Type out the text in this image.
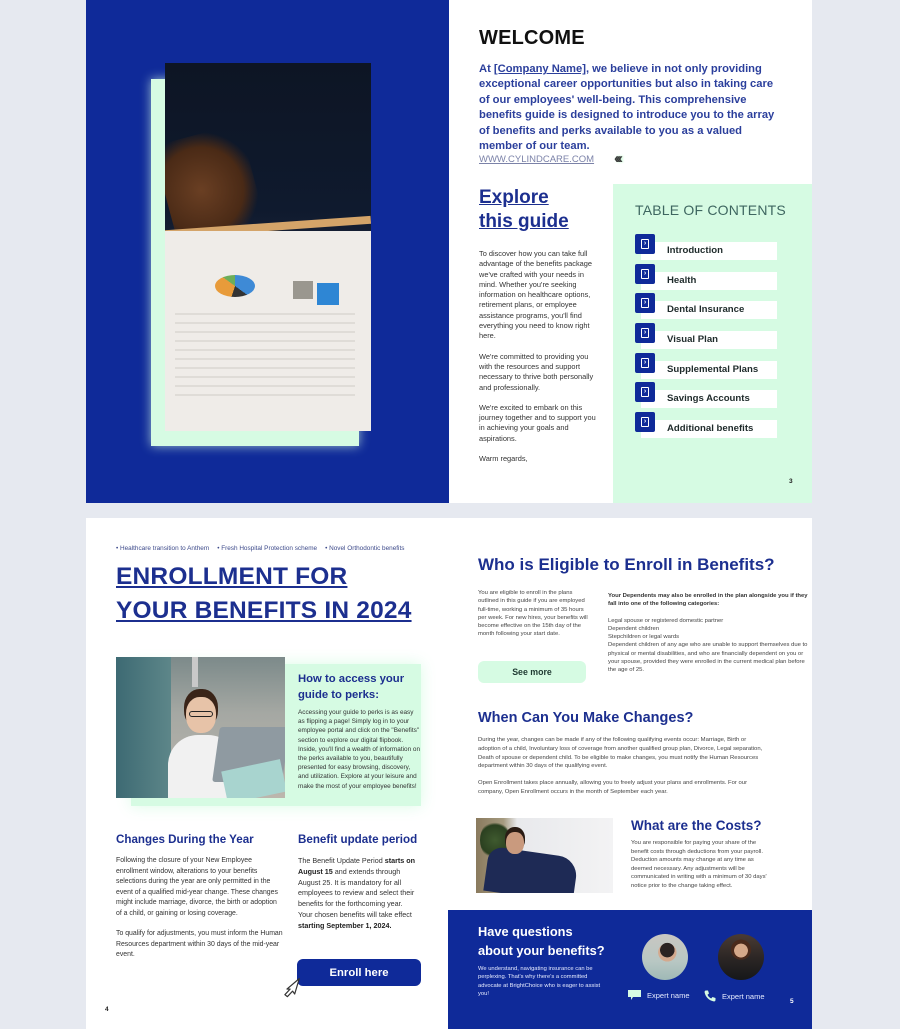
WELCOME
At [Company Name], we believe in not only providing exceptional career opportunities but also in taking care of our employees' well-being. This comprehensive benefits guide is designed to introduce you to the array of benefits and perks available to you as a valued member of our team.
WWW.CYLINDCARE.COM ‹‹‹
Explore
this guide

To discover how you can take full advantage of the benefits package we've crafted with your needs in mind. Whether you're seeking information on healthcare options, retirement plans, or employee assistance programs, you'll find everything you need to know right here.

We're committed to providing you with the resources and support necessary to thrive both personally and professionally.

We're excited to embark on this journey together and to support you in achieving your goals and aspirations.

Warm regards,

TABLE OF CONTENTS
›
Introduction
›
Health
›
Dental Insurance
›
Visual Plan
›
Supplemental Plans
›
Savings Accounts
›
Additional benefits
3
• Healthcare transition to Anthem	• Fresh Hospital Protection scheme	• Novel Orthodontic benefits
ENROLLMENT FOR
YOUR BENEFITS IN 2024
How to access your guide to perks:
Accessing your guide to perks is as easy as flipping a page! Simply log in to your employee portal and click on the "Benefits" section to explore our digital flipbook. Inside, you'll find a wealth of information on the perks available to you, beautifully presented for easy browsing, discovery, and utilization. Explore at your leisure and make the most of your employee benefits!
Changes During the Year

Following the closure of your New Employee enrollment window, alterations to your benefits selections during the year are only permitted in the event of a qualified mid-year change. These changes might include marriage, divorce, the birth or adoption of a child, or gaining or losing coverage.

To qualify for adjustments, you must inform the Human Resources department within 30 days of the mid-year event.

Benefit update period
The Benefit Update Period starts on August 15 and extends through August 25. It is mandatory for all employees to review and select their benefits for the forthcoming year.
Your chosen benefits will take effect starting September 1, 2024.
Enroll here
4
Who is Eligible to Enroll in Benefits?
You are eligible to enroll in the plans outlined in this guide if you are employed full-time, working a minimum of 35 hours per week. For new hires, your benefits will become effective on the 15th day of the month following your start date.
See more
Your Dependents may also be enrolled in the plan alongside you if they fall into one of the following categories:
Legal spouse or registered domestic partner
Dependent children
Stepchildren or legal wards
Dependent children of any age who are unable to support themselves due to physical or mental disabilities, and who are financially dependent on you or your spouse, provided they were enrolled in the current medical plan before the age of 25.
When Can You Make Changes?

During the year, changes can be made if any of the following qualifying events occur: Marriage, Birth or adoption of a child, Involuntary loss of coverage from another qualified group plan, Divorce, Legal separation, Death of spouse or dependent child. To be eligible to make changes, you must notify the Human Resources department within 30 days of the qualifying event.

Open Enrollment takes place annually, allowing you to freely adjust your plans and enrollments. For our company, Open Enrollment occurs in the month of September each year.

What are the Costs?
You are responsible for paying your share of the benefit costs through deductions from your payroll. Deduction amounts may change at any time as deemed necessary. Any adjustments will be communicated in writing with a minimum of 30 days' notice prior to the change taking effect.
Have questions
about your benefits?
We understand, navigating insurance can be perplexing. That's why there's a committed advocate at BrightChoice who is eager to assist you!	Expert name	Expert name
5
